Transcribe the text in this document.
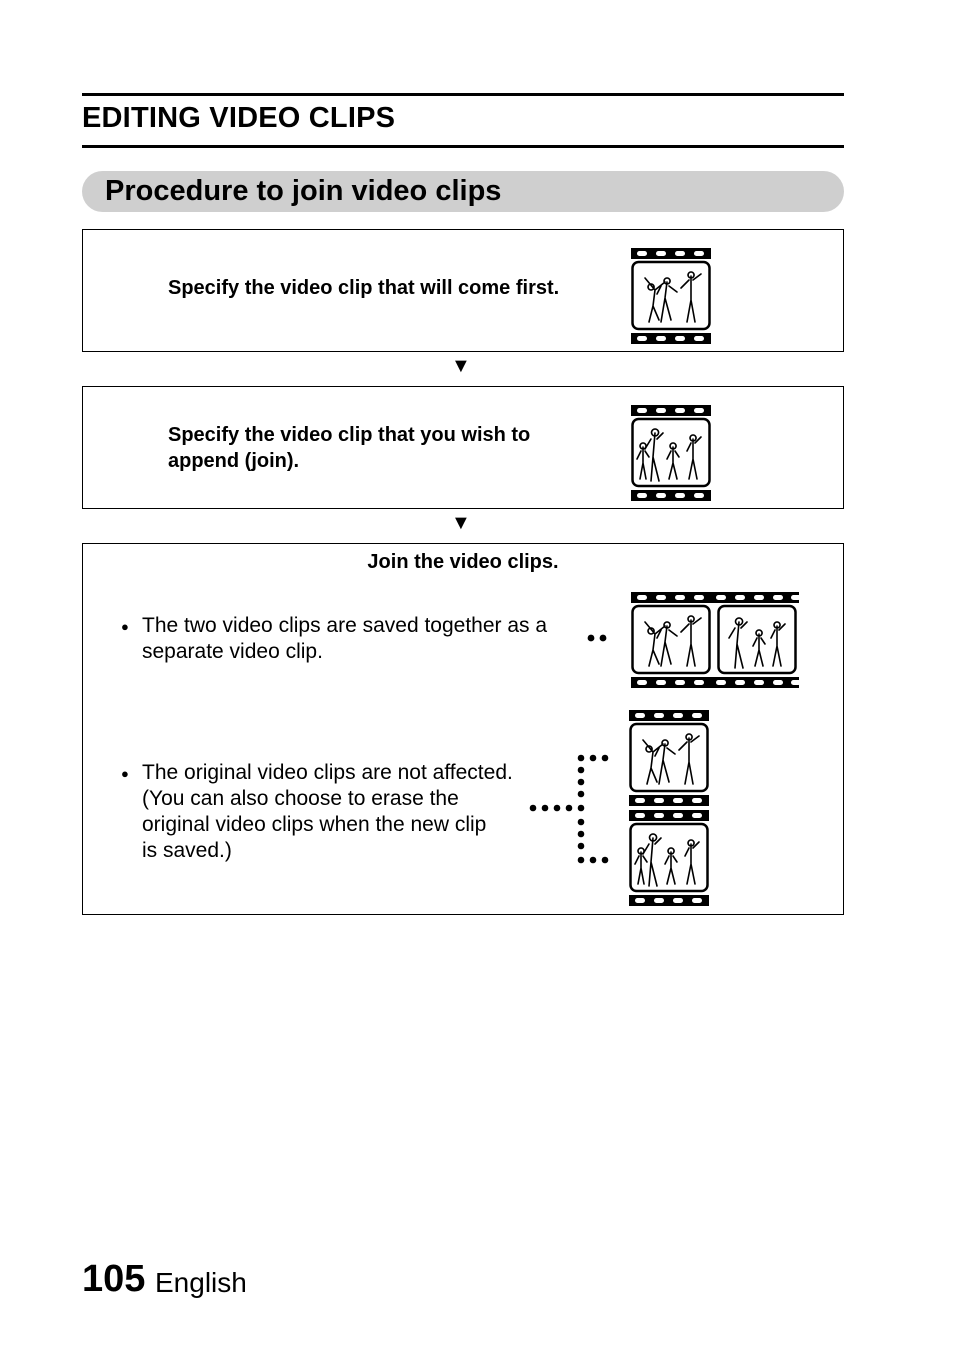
EDITING VIDEO CLIPS
Procedure to join video clips
Specify the video clip that will come first.
▼
Specify the video clip that you wish to
append (join).
▼
Join the video clips.
● The two video clips are saved together as a
separate video clip.
● The original video clips are not affected.
(You can also choose to erase the
original video clips when the new clip
is saved.)
105 English
